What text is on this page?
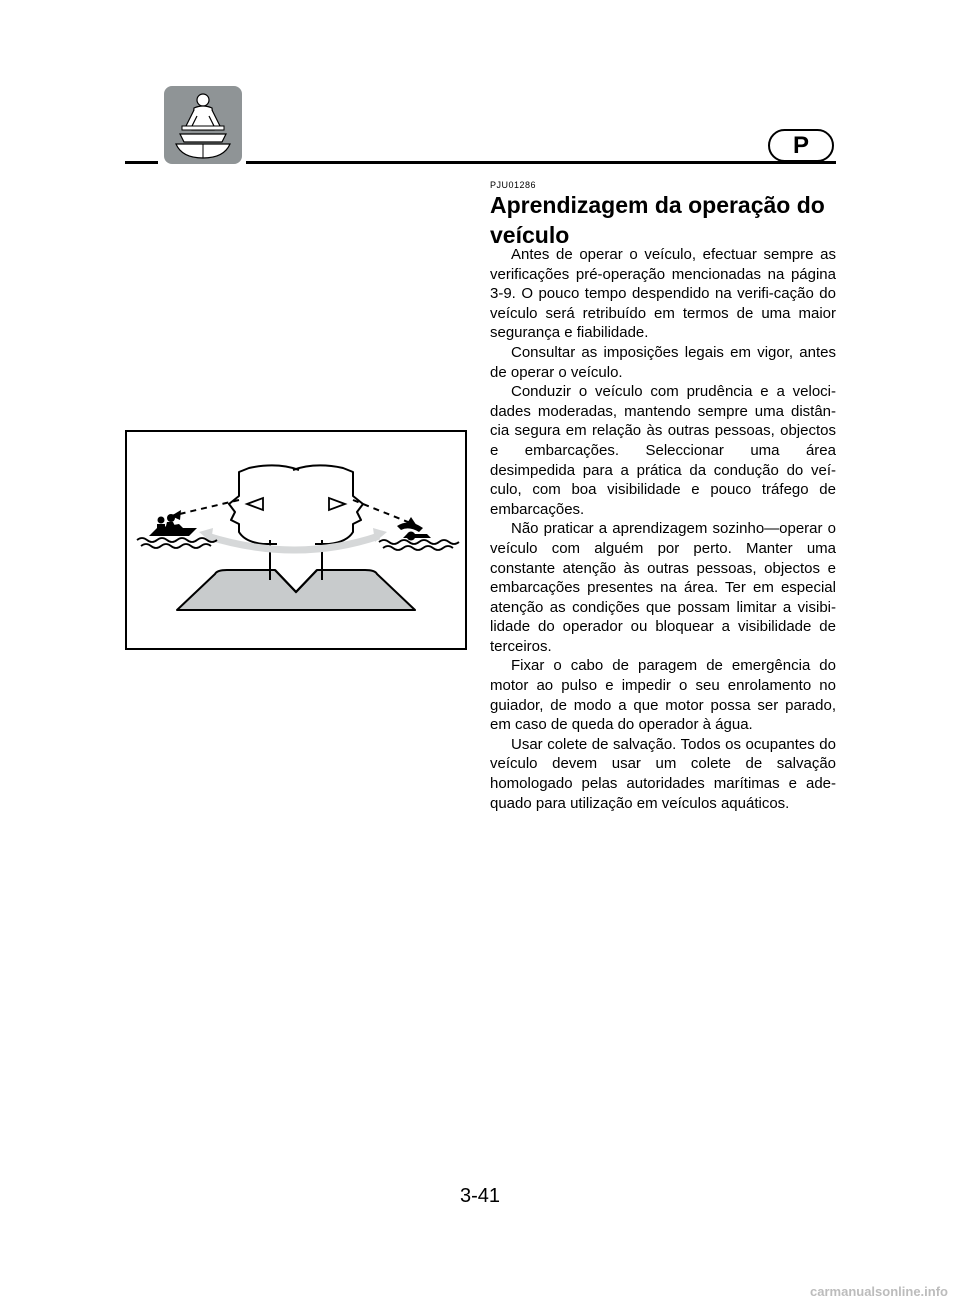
P
PJU01286
Aprendizagem da operação do veículo

Antes de operar o veículo, efectuar sempre as verificações pré-operação mencionadas na página 3-9. O pouco tempo despendido na verifi-cação do veículo será retribuído em termos de uma maior segurança e fiabilidade.

Consultar as imposições legais em vigor, antes de operar o veículo.

Conduzir o veículo com prudência e a veloci-dades moderadas, mantendo sempre uma distân-cia segura em relação às outras pessoas, objectos e embarcações. Seleccionar uma área desimpedida para a prática da condução do veí-culo, com boa visibilidade e pouco tráfego de embarcações.

Não praticar a aprendizagem sozinho—operar o veículo com alguém por perto. Manter uma constante atenção às outras pessoas, objectos e embarcações presentes na área. Ter em especial atenção as condições que possam limitar a visibi-lidade do operador ou bloquear a visibilidade de terceiros.

Fixar o cabo de paragem de emergência do motor ao pulso e impedir o seu enrolamento no guiador, de modo a que motor possa ser parado, em caso de queda do operador à água.

Usar colete de salvação. Todos os ocupantes do veículo devem usar um colete de salvação homologado pelas autoridades marítimas e ade-quado para utilização em veículos aquáticos.

3-41
carmanualsonline.info
